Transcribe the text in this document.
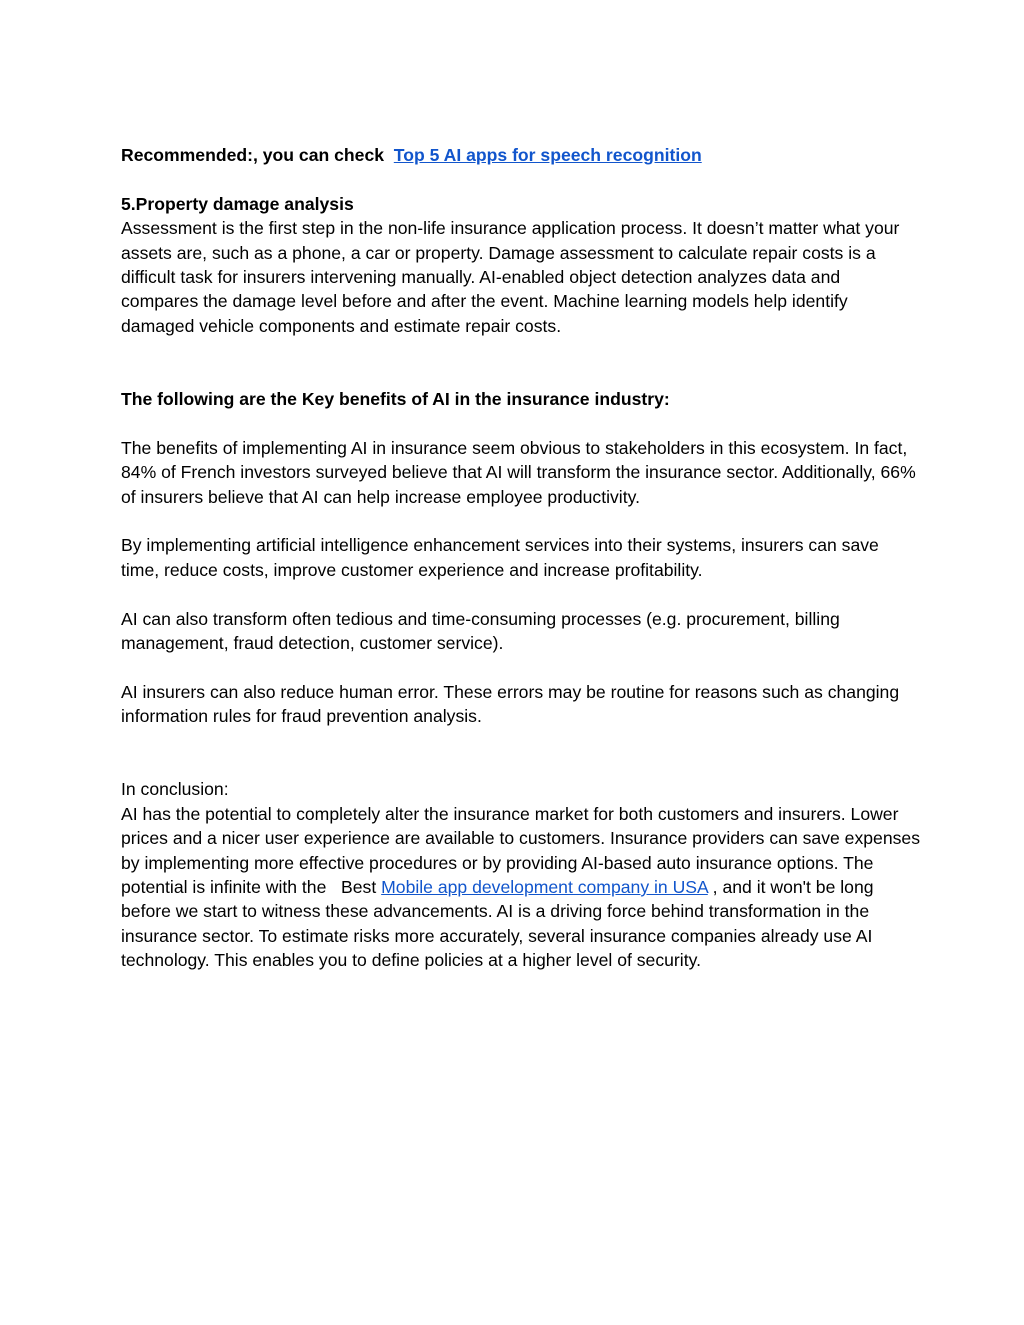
Recommended:, you can check  Top 5 AI apps for speech recognition

5.Property damage analysis

Assessment is the first step in the non-life insurance application process. It doesn’t matter what your assets are, such as a phone, a car or property. Damage assessment to calculate repair costs is a difficult task for insurers intervening manually. AI-enabled object detection analyzes data and compares the damage level before and after the event. Machine learning models help identify damaged vehicle components and estimate repair costs.

The following are the Key benefits of AI in the insurance industry:

The benefits of implementing AI in insurance seem obvious to stakeholders in this ecosystem. In fact, 84% of French investors surveyed believe that AI will transform the insurance sector. Additionally, 66% of insurers believe that AI can help increase employee productivity.

By implementing artificial intelligence enhancement services into their systems, insurers can save time, reduce costs, improve customer experience and increase profitability.

AI can also transform often tedious and time-consuming processes (e.g. procurement, billing management, fraud detection, customer service).

AI insurers can also reduce human error. These errors may be routine for reasons such as changing information rules for fraud prevention analysis.

In conclusion:

AI has the potential to completely alter the insurance market for both customers and insurers. Lower prices and a nicer user experience are available to customers. Insurance providers can save expenses by implementing more effective procedures or by providing AI-based auto insurance options. The potential is infinite with the   Best Mobile app development company in USA , and it won't be long before we start to witness these advancements. AI is a driving force behind transformation in the insurance sector. To estimate risks more accurately, several insurance companies already use AI technology. This enables you to define policies at a higher level of security.
